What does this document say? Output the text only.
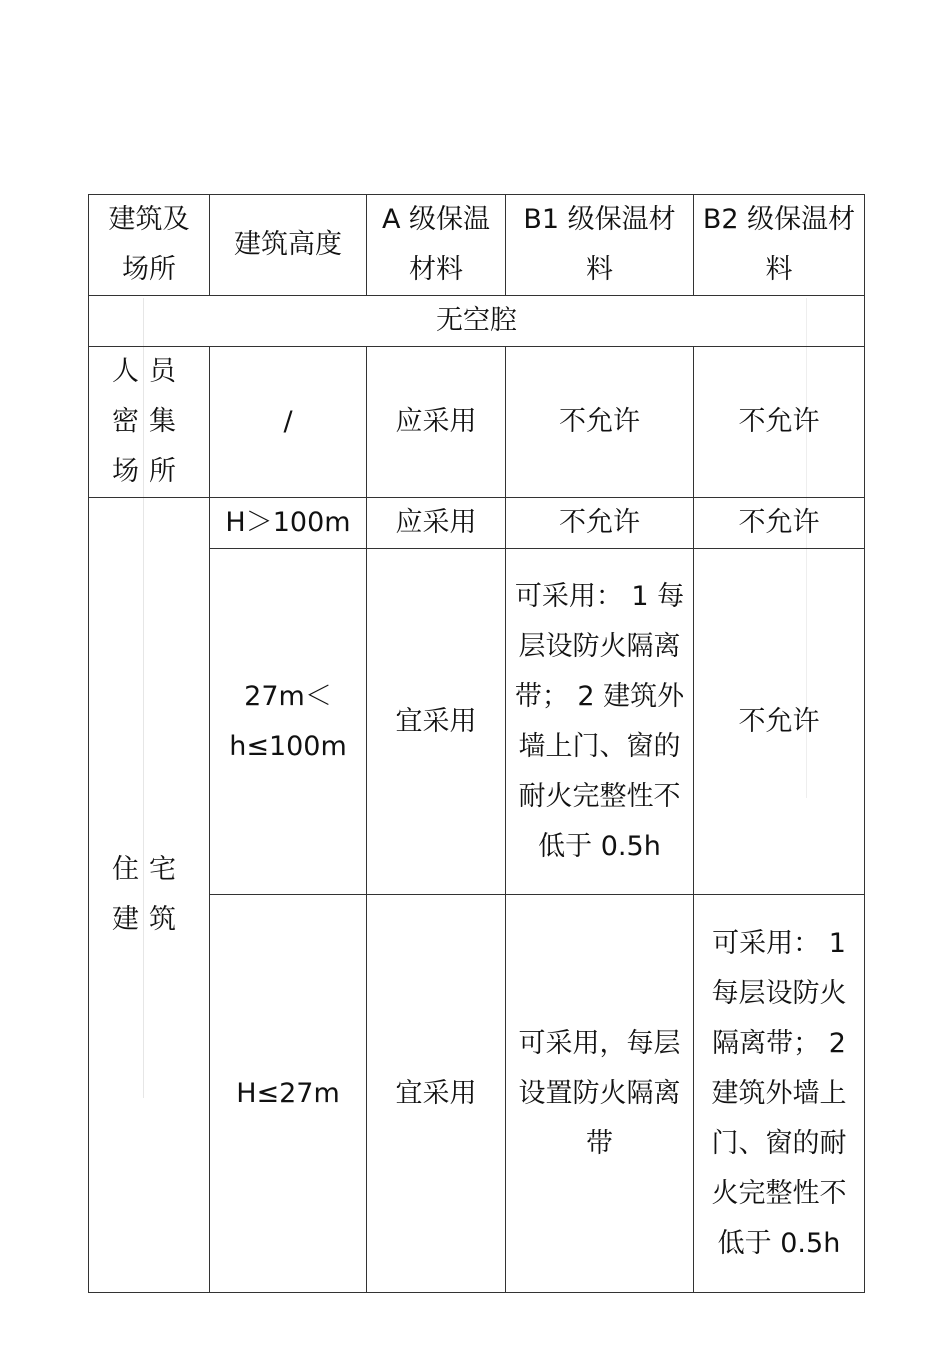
建筑及场所	建筑高度	A 级保温材料	B1 级保温材料	B2 级保温材料
无空腔				
人员密集场所	/	应采用	不允许	不允许
住宅建筑	H＞100m	应采用	不允许	不允许
	27m＜h≤100m	宜采用	可采用： 1 每层设防火隔离带； 2 建筑外墙上门、窗的耐火完整性不低于 0.5h	不允许
	H≤27m	宜采用	可采用，每层设置防火隔离带	可采用： 1 每层设防火隔离带； 2 建筑外墙上门、窗的耐火完整性不低于 0.5h
